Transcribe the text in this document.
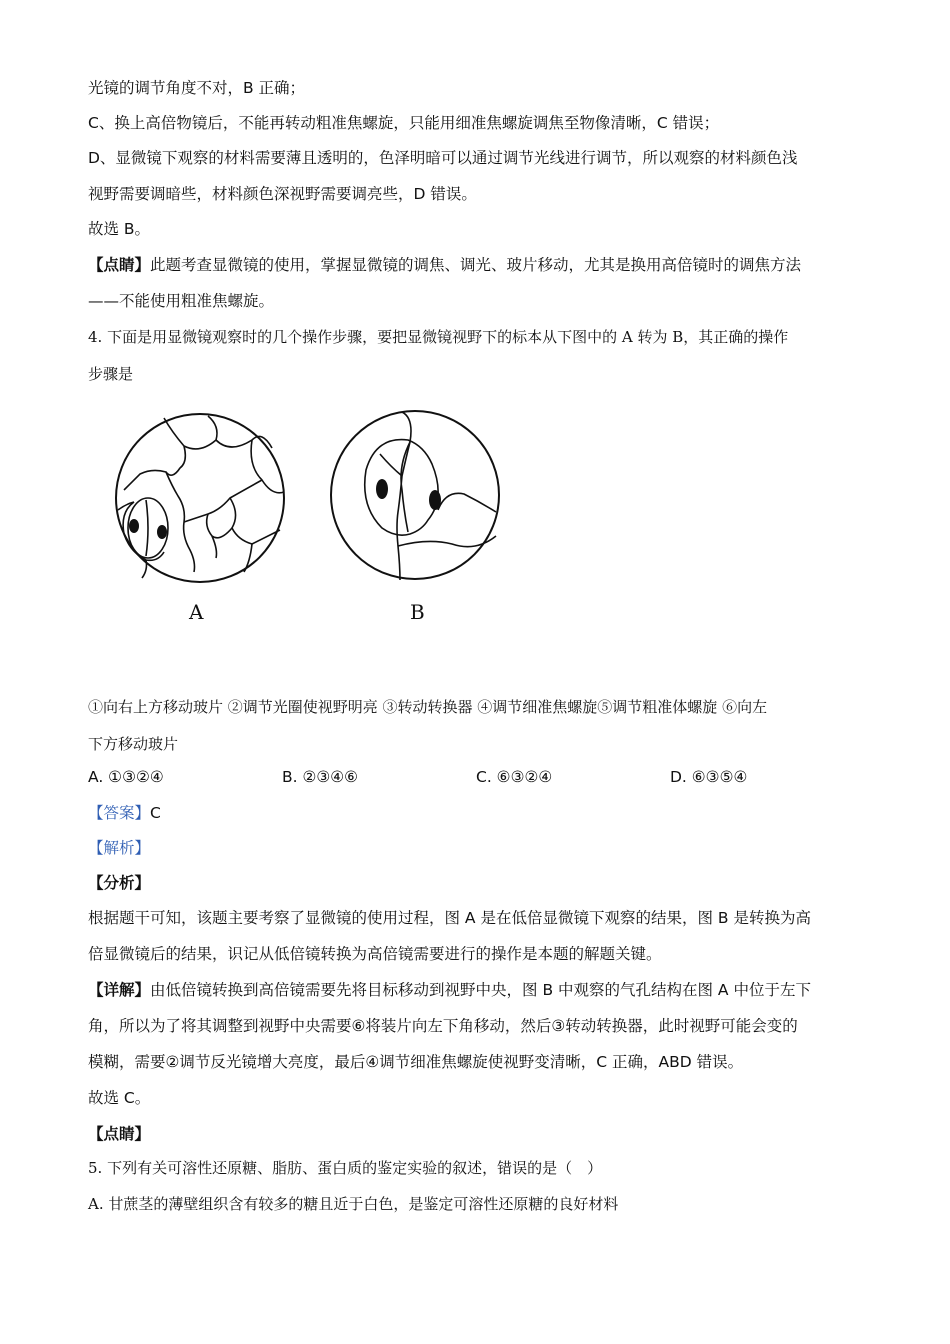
光镜的调节角度不对，B 正确；
C、换上高倍物镜后，不能再转动粗准焦螺旋，只能用细准焦螺旋调焦至物像清晰，C 错误；
D、显微镜下观察的材料需要薄且透明的，色泽明暗可以通过调节光线进行调节，所以观察的材料颜色浅
视野需要调暗些，材料颜色深视野需要调亮些，D 错误。
故选 B。
【点睛】此题考查显微镜的使用，掌握显微镜的调焦、调光、玻片移动，尤其是换用高倍镜时的调焦方法
——不能使用粗准焦螺旋。
4. 下面是用显微镜观察时的几个操作步骤，要把显微镜视野下的标本从下图中的 A 转为 B，其正确的操作
步骤是
A	B
①向右上方移动玻片 ②调节光圈使视野明亮 ③转动转换器 ④调节细准焦螺旋⑤调节粗准体螺旋 ⑥向左
下方移动玻片
A. ①③②④	B. ②③④⑥	C. ⑥③②④	D. ⑥③⑤④
【答案】C
【解析】
【分析】
根据题干可知，该题主要考察了显微镜的使用过程，图 A 是在低倍显微镜下观察的结果，图 B 是转换为高
倍显微镜后的结果，识记从低倍镜转换为高倍镜需要进行的操作是本题的解题关键。
【详解】由低倍镜转换到高倍镜需要先将目标移动到视野中央，图 B 中观察的气孔结构在图 A 中位于左下
角，所以为了将其调整到视野中央需要⑥将装片向左下角移动，然后③转动转换器，此时视野可能会变的
模糊，需要②调节反光镜增大亮度，最后④调节细准焦螺旋使视野变清晰，C 正确，ABD 错误。
故选 C。
【点睛】
5. 下列有关可溶性还原糖、脂肪、蛋白质的鉴定实验的叙述，错误的是（　）
A. 甘蔗茎的薄壁组织含有较多的糖且近于白色，是鉴定可溶性还原糖的良好材料
